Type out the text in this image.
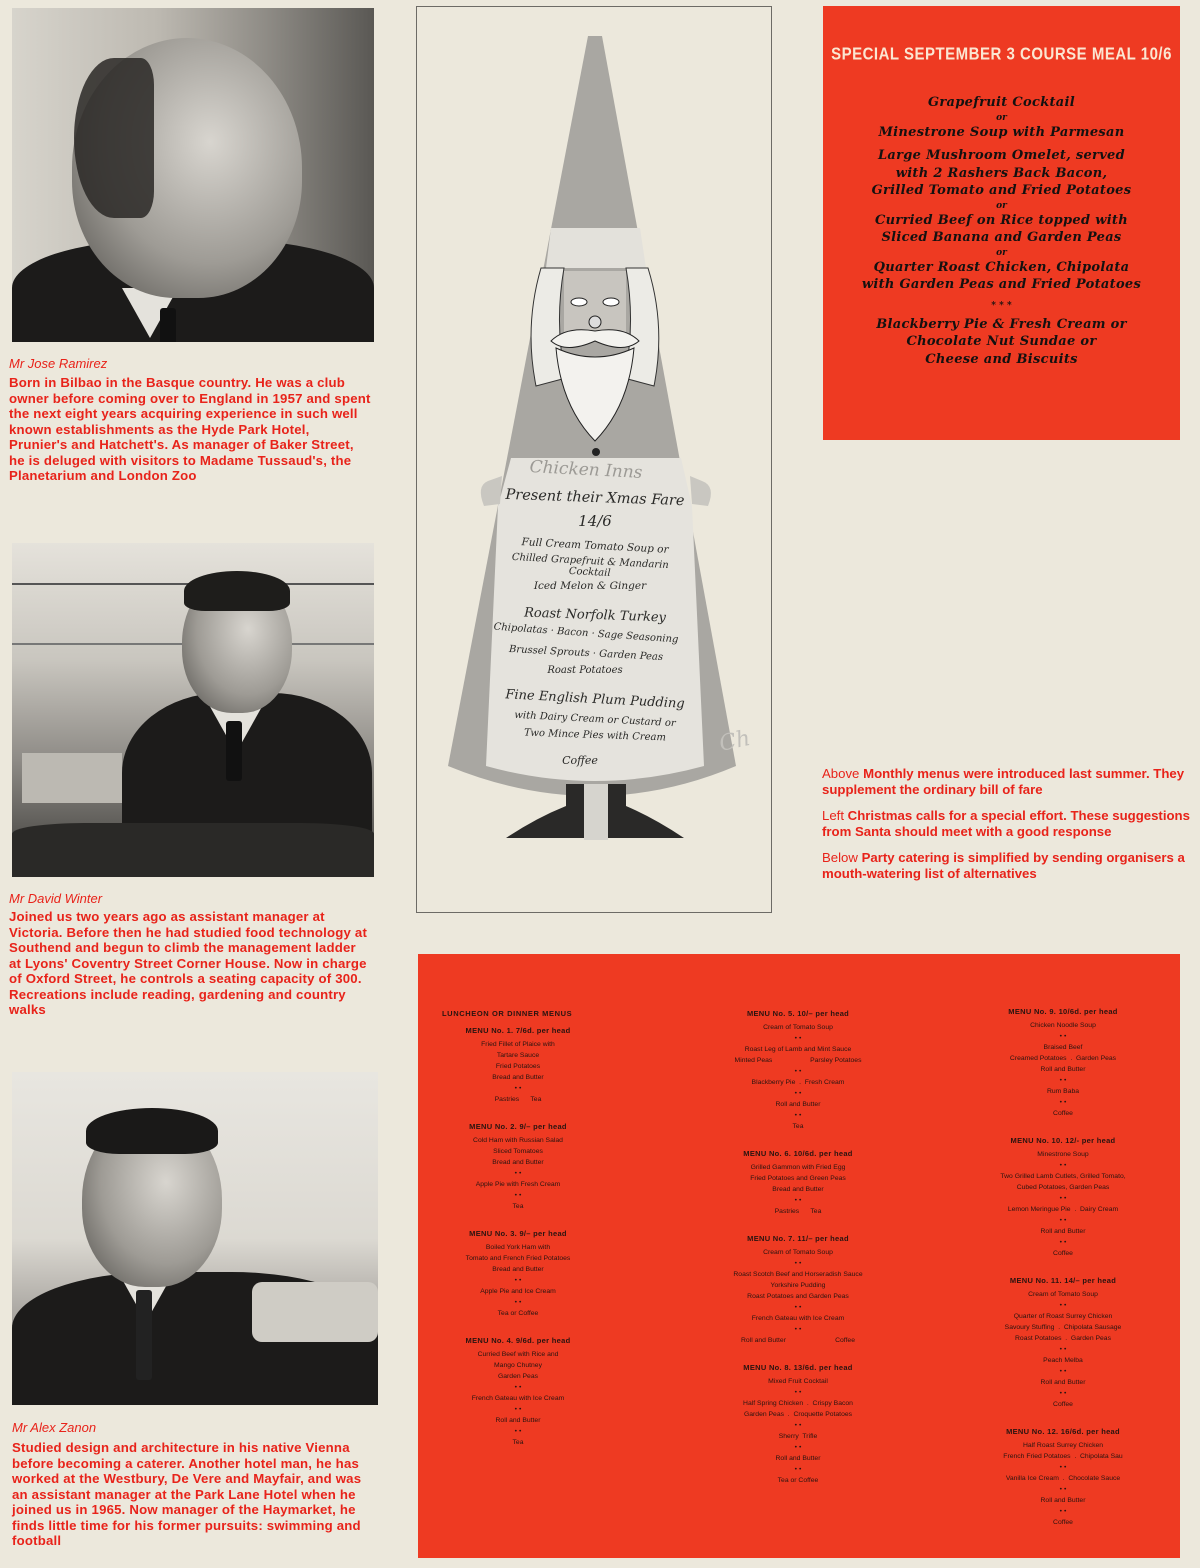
Mr Jose Ramirez
Born in Bilbao in the Basque country. He was a club owner before coming over to England in 1957 and spent the next eight years acquiring experience in such well known establishments as the Hyde Park Hotel, Prunier's and Hatchett's. As manager of Baker Street, he is deluged with visitors to Madame Tussaud's, the Planetarium and London Zoo
Mr David Winter
Joined us two years ago as assistant manager at Victoria. Before then he had studied food technology at Southend and begun to climb the management ladder at Lyons' Coventry Street Corner House. Now in charge of Oxford Street, he controls a seating capacity of 300. Recreations include reading, gardening and country walks
Mr Alex Zanon
Studied design and architecture in his native Vienna before becoming a caterer. Another hotel man, he has worked at the Westbury, De Vere and Mayfair, and was an assistant manager at the Park Lane Hotel when he joined us in 1965. Now manager of the Haymarket, he finds little time for his former pursuits: swimming and football
Ch
Chicken Inns
Present their Xmas Fare
14/6
Full Cream Tomato Soup or
Chilled Grapefruit & Mandarin Cocktail
Iced Melon & Ginger
Roast Norfolk Turkey
Chipolatas · Bacon · Sage Seasoning
Brussel Sprouts · Garden Peas
Roast Potatoes
Fine English Plum Pudding
with Dairy Cream or Custard or
Two Mince Pies with Cream
Coffee
SPECIAL SEPTEMBER 3 COURSE MEAL 10/6
Grapefruit Cocktail
or
Minestrone Soup with Parmesan
Large Mushroom Omelet, served
with 2 Rashers Back Bacon,
Grilled Tomato and Fried Potatoes
or
Curried Beef on Rice topped with
Sliced Banana and Garden Peas
or
Quarter Roast Chicken, Chipolata
with Garden Peas and Fried Potatoes
* * *
Blackberry Pie & Fresh Cream or
Chocolate Nut Sundae or
Cheese and Biscuits

Above Monthly menus were introduced last summer. They supplement the ordinary bill of fare

Left Christmas calls for a special effort. These suggestions from Santa should meet with a good response

Below Party catering is simplified by sending organisers a mouth-watering list of alternatives

LUNCHEON OR DINNER MENUS
MENU No. 1. 7/6d. per head
Fried Fillet of Plaice with
Tartare Sauce
Fried Potatoes
Bread and Butter
• •
Pastries      Tea
MENU No. 2. 9/– per head
Cold Ham with Russian Salad
Sliced Tomatoes
Bread and Butter
• •
Apple Pie with Fresh Cream
• •
Tea
MENU No. 3. 9/– per head
Boiled York Ham with
Tomato and French Fried Potatoes
Bread and Butter
• •
Apple Pie and Ice Cream
• •
Tea or Coffee
MENU No. 4. 9/6d. per head
Curried Beef with Rice and
Mango Chutney
Garden Peas
• •
French Gateau with Ice Cream
• •
Roll and Butter
• •
Tea
MENU No. 5. 10/– per head
Cream of Tomato Soup
• •
Roast Leg of Lamb and Mint Sauce
Minted Peas                    Parsley Potatoes
• •
Blackberry Pie  .  Fresh Cream
• •
Roll and Butter
• •
Tea
MENU No. 6. 10/6d. per head
Grilled Gammon with Fried Egg
Fried Potatoes and Green Peas
Bread and Butter
• •
Pastries      Tea
MENU No. 7. 11/– per head
Cream of Tomato Soup
• •
Roast Scotch Beef and Horseradish Sauce
Yorkshire Pudding
Roast Potatoes and Garden Peas
• •
French Gateau with Ice Cream
• •
Roll and Butter                          Coffee
MENU No. 8. 13/6d. per head
Mixed Fruit Cocktail
• •
Half Spring Chicken  .  Crispy Bacon
Garden Peas  .  Croquette Potatoes
• •
Sherry  Trifle
• •
Roll and Butter
• •
Tea or Coffee
MENU No. 9. 10/6d. per head
Chicken Noodle Soup
• •
Braised Beef
Creamed Potatoes  .  Garden Peas
Roll and Butter
• •
Rum Baba
• •
Coffee
MENU No. 10. 12/- per head
Minestrone Soup
• •
Two Grilled Lamb Cutlets, Grilled Tomato,
Cubed Potatoes, Garden Peas
• •
Lemon Meringue Pie  .  Dairy Cream
• •
Roll and Butter
• •
Coffee
MENU No. 11. 14/– per head
Cream of Tomato Soup
• •
Quarter of Roast Surrey Chicken
Savoury Stuffing  .  Chipolata Sausage
Roast Potatoes  .  Garden Peas
• •
Peach Melba
• •
Roll and Butter
• •
Coffee
MENU No. 12. 16/6d. per head
Half Roast Surrey Chicken
French Fried Potatoes  .  Chipolata Sau
• •
Vanilla Ice Cream  .  Chocolate Sauce
• •
Roll and Butter
• •
Coffee
